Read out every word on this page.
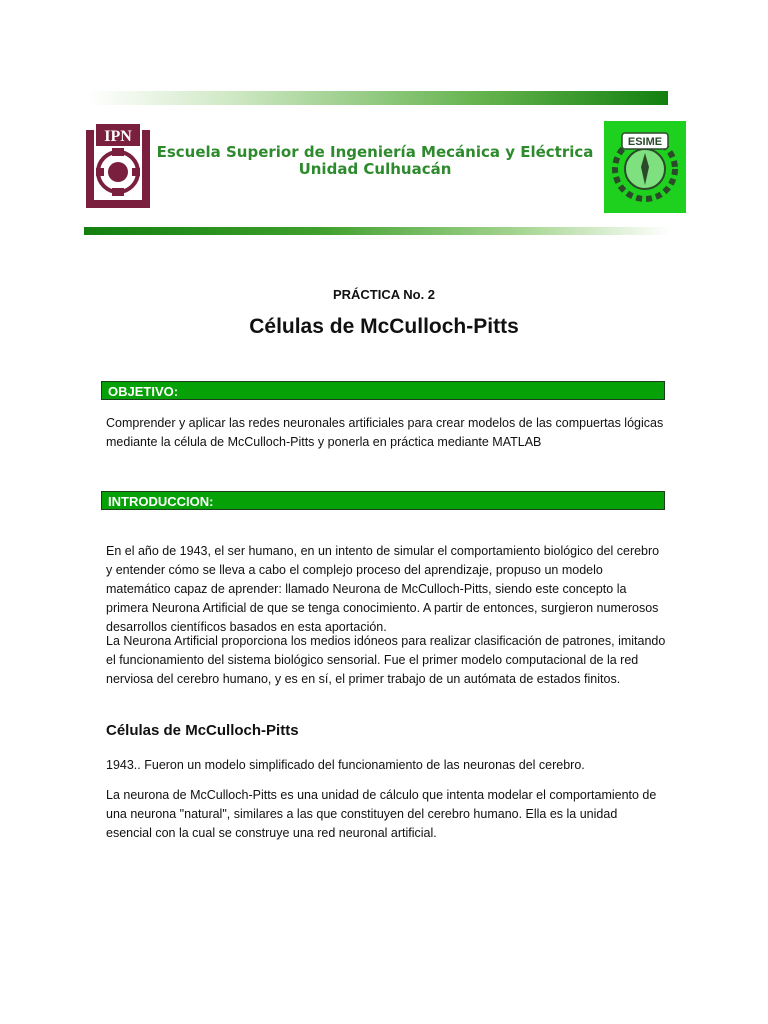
IPN
Escuela Superior de Ingeniería Mecánica y Eléctrica
Unidad Culhuacán
ESIME
PRÁCTICA No. 2
Células de McCulloch-Pitts
OBJETIVO:
Comprender y aplicar las redes neuronales artificiales para crear modelos de las compuertas lógicas mediante la célula de McCulloch-Pitts y ponerla en práctica mediante MATLAB
INTRODUCCION:
En el año de 1943, el ser humano, en un intento de simular el comportamiento biológico del cerebro y entender cómo se lleva a cabo el complejo proceso del aprendizaje, propuso un modelo matemático capaz de aprender: llamado Neurona de McCulloch-Pitts, siendo este concepto la primera Neurona Artificial de que se tenga conocimiento. A partir de entonces, surgieron numerosos desarrollos científicos basados en esta aportación.
La Neurona Artificial proporciona los medios idóneos para realizar clasificación de patrones, imitando el funcionamiento del sistema biológico sensorial. Fue el primer modelo computacional de la red nerviosa del cerebro humano, y es en sí, el primer trabajo de un autómata de estados finitos.
Células de McCulloch-Pitts
1943.. Fueron un modelo simplificado del funcionamiento de las neuronas del cerebro.
La neurona de McCulloch-Pitts es una unidad de cálculo que intenta modelar el comportamiento de una neurona "natural", similares a las que constituyen del cerebro humano. Ella es la unidad esencial con la cual se construye una red neuronal artificial.
